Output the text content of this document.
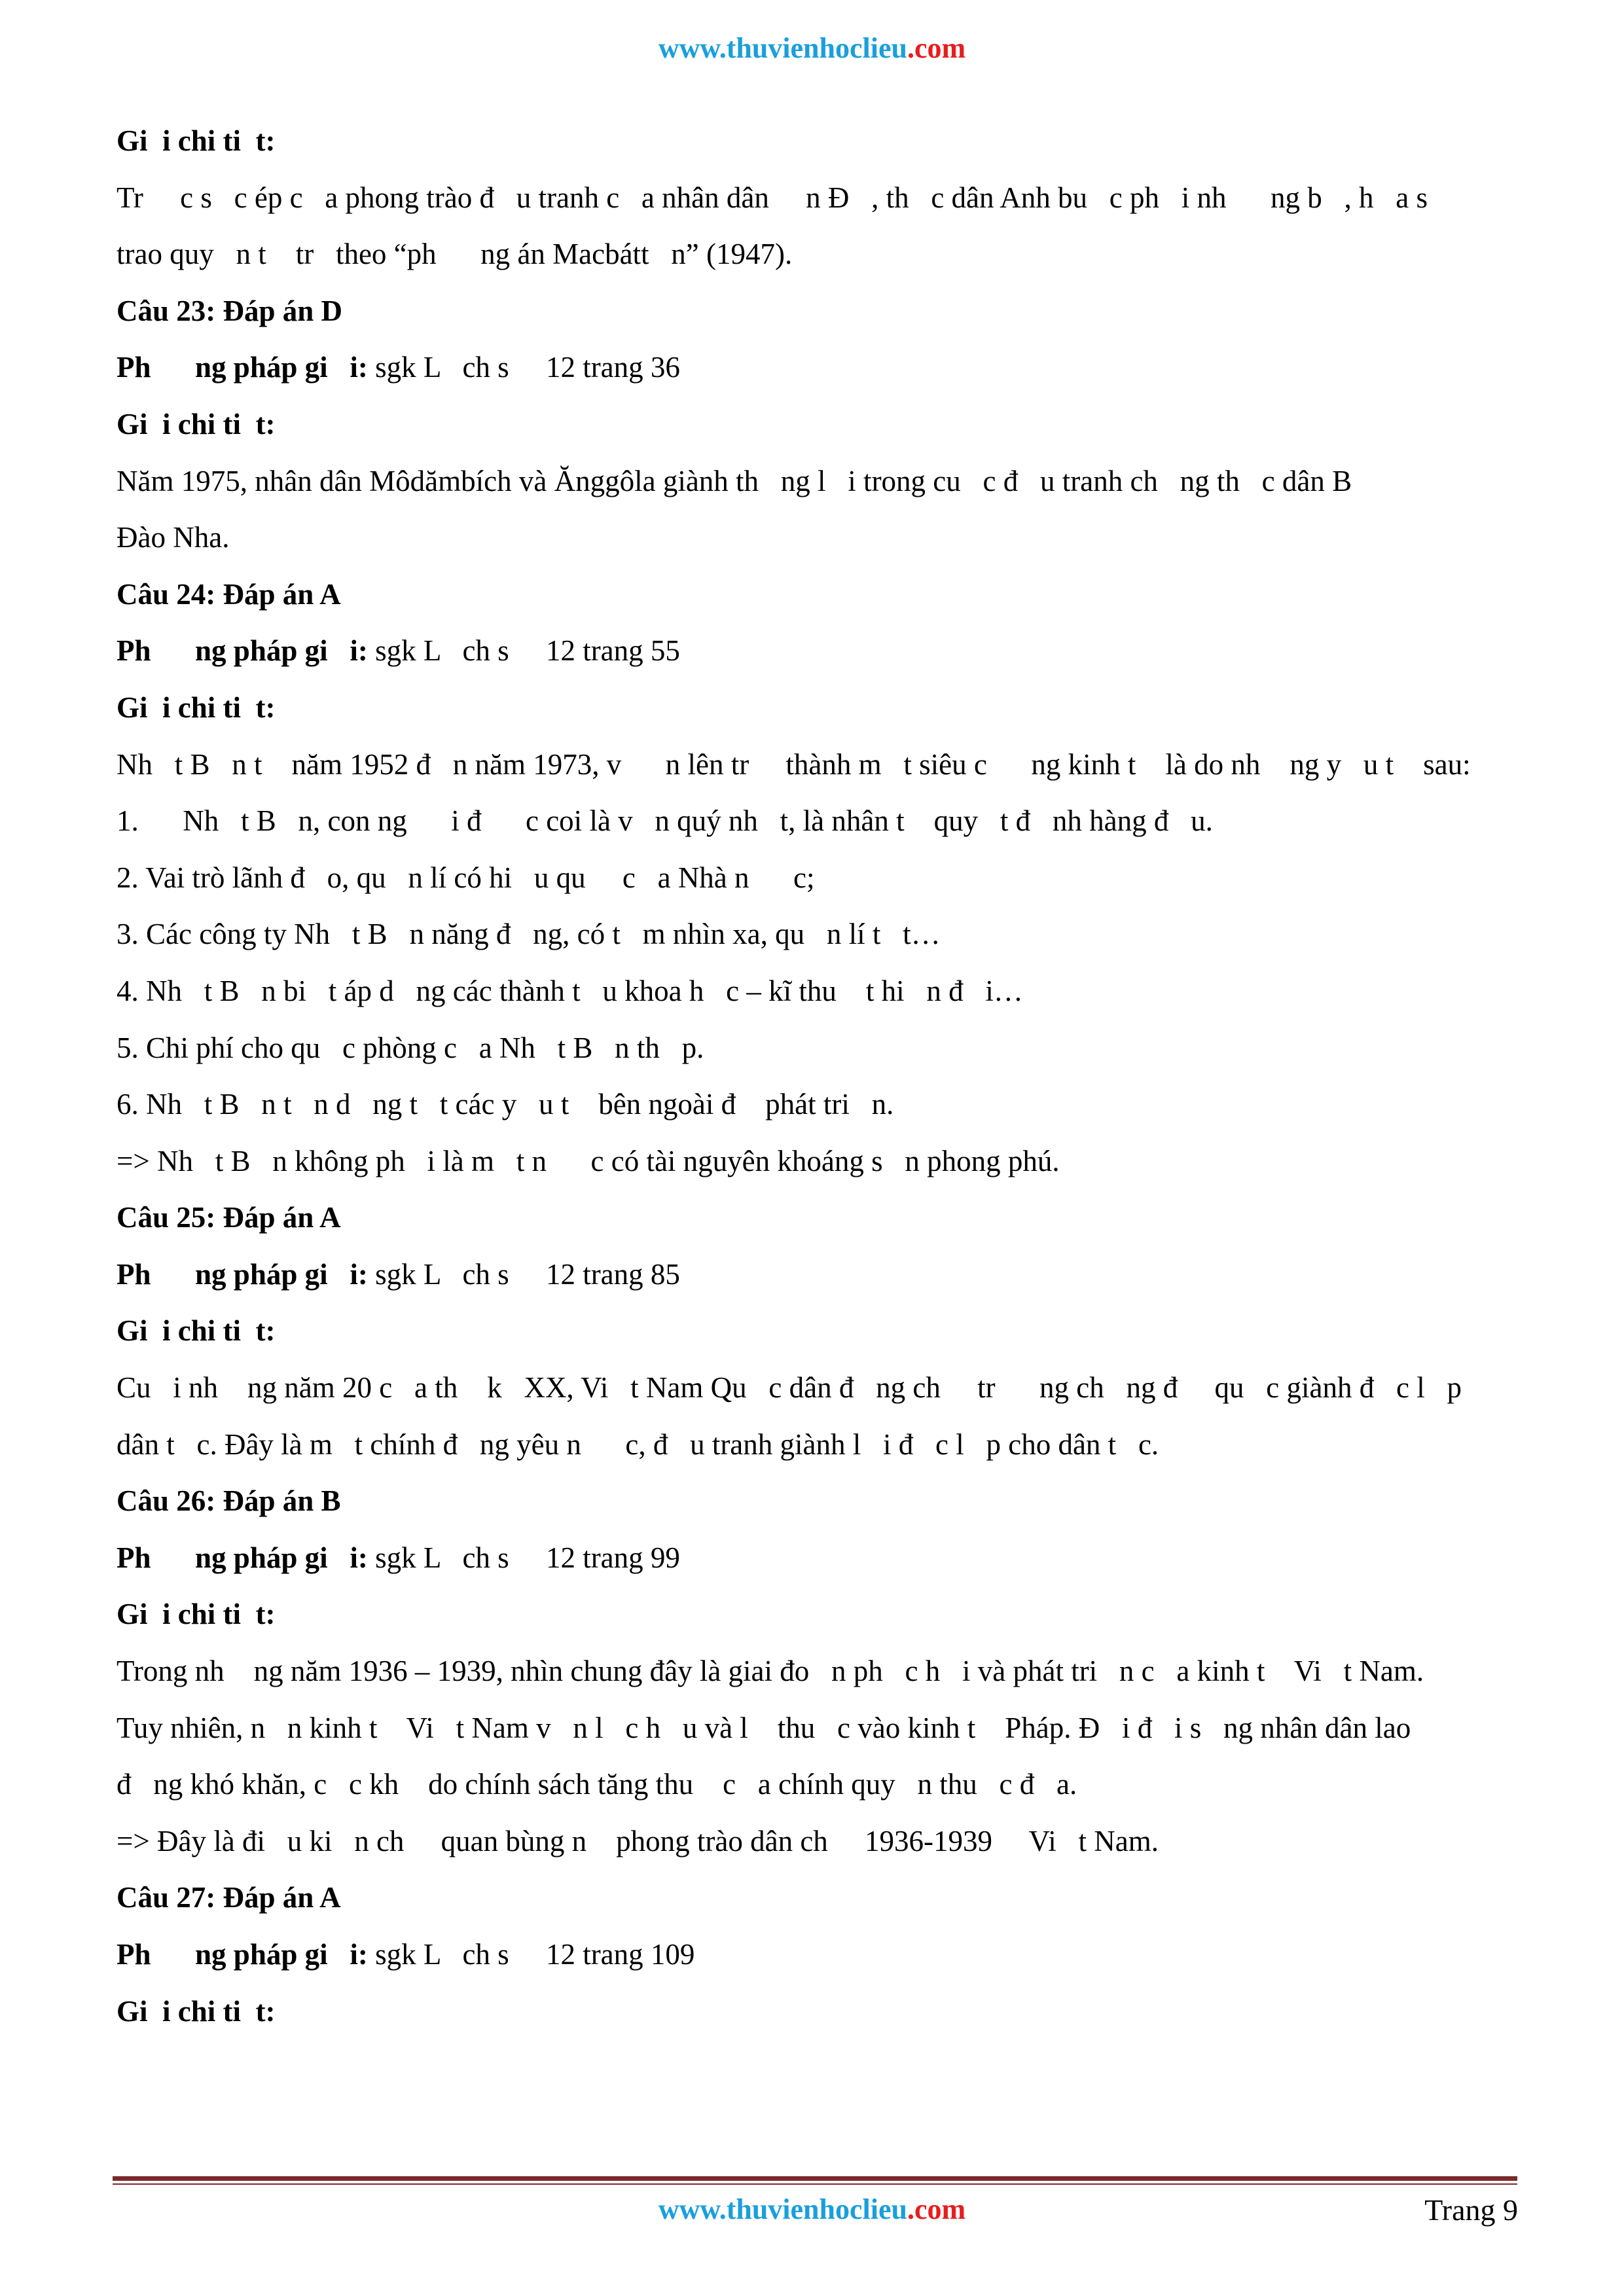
www.thuvienhoclieu.com
Gi  i chi ti  t:
Tr     c s   c ép c   a phong trào đ   u tranh c   a nhân dân     n Đ   , th   c dân Anh bu   c ph   i nh      ng b   , h   a s
trao quy   n t    tr   theo “ph      ng án Macbátt   n” (1947).
Câu 23: Đáp án D
Ph      ng pháp gi   i: sgk L   ch s     12 trang 36
Gi  i chi ti  t:
Năm 1975, nhân dân Môdămbích và Ănggôla giành th   ng l   i trong cu   c đ   u tranh ch   ng th   c dân B
Đào Nha.
Câu 24: Đáp án A
Ph      ng pháp gi   i: sgk L   ch s     12 trang 55
Gi  i chi ti  t:
Nh   t B   n t    năm 1952 đ   n năm 1973, v      n lên tr     thành m   t siêu c      ng kinh t    là do nh    ng y   u t    sau:
1.      Nh   t B   n, con ng      i đ      c coi là v   n quý nh   t, là nhân t    quy   t đ   nh hàng đ   u.
2. Vai trò lãnh đ   o, qu   n lí có hi   u qu     c   a Nhà n      c;
3. Các công ty Nh   t B   n năng đ   ng, có t   m nhìn xa, qu   n lí t   t…
4. Nh   t B   n bi   t áp d   ng các thành t   u khoa h   c – kĩ thu    t hi   n đ   i…
5. Chi phí cho qu   c phòng c   a Nh   t B   n th   p.
6. Nh   t B   n t   n d   ng t   t các y   u t    bên ngoài đ    phát tri   n.
=> Nh   t B   n không ph   i là m   t n      c có tài nguyên khoáng s   n phong phú.
Câu 25: Đáp án A
Ph      ng pháp gi   i: sgk L   ch s     12 trang 85
Gi  i chi ti  t:
Cu   i nh    ng năm 20 c   a th    k   XX, Vi   t Nam Qu   c dân đ   ng ch     tr      ng ch   ng đ     qu   c giành đ   c l   p
dân t   c. Đây là m   t chính đ   ng yêu n      c, đ   u tranh giành l   i đ   c l   p cho dân t   c.
Câu 26: Đáp án B
Ph      ng pháp gi   i: sgk L   ch s     12 trang 99
Gi  i chi ti  t:
Trong nh    ng năm 1936 – 1939, nhìn chung đây là giai đo   n ph   c h   i và phát tri   n c   a kinh t    Vi   t Nam.
Tuy nhiên, n   n kinh t    Vi   t Nam v   n l   c h   u và l    thu   c vào kinh t    Pháp. Đ   i đ   i s   ng nhân dân lao
đ   ng khó khăn, c   c kh    do chính sách tăng thu    c   a chính quy   n thu   c đ   a.
=> Đây là đi   u ki   n ch     quan bùng n    phong trào dân ch     1936-1939     Vi   t Nam.
Câu 27: Đáp án A
Ph      ng pháp gi   i: sgk L   ch s     12 trang 109
Gi  i chi ti  t:
www.thuvienhoclieu.com	Trang 9
